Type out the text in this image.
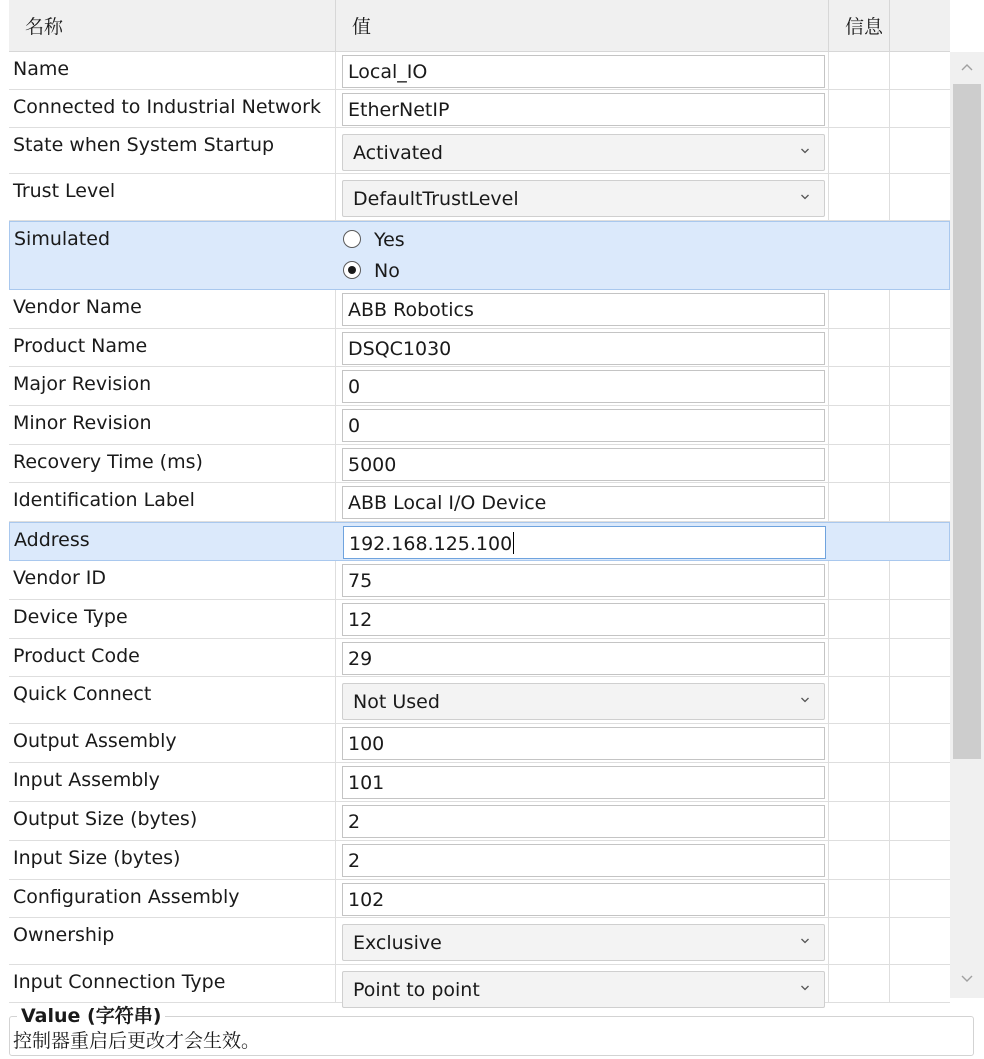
名称	值	信息
Name	Local_IO
Connected to Industrial Network	EtherNetIP
State when System Startup	Activated
Trust Level	DefaultTrustLevel
Simulated	Yes
No
Vendor Name	ABB Robotics
Product Name	DSQC1030
Major Revision	0
Minor Revision	0
Recovery Time (ms)	5000
Identification Label	ABB Local I/O Device
Address	192.168.125.100
Vendor ID	75
Device Type	12
Product Code	29
Quick Connect	Not Used
Output Assembly	100
Input Assembly	101
Output Size (bytes)	2
Input Size (bytes)	2
Configuration Assembly	102
Ownership	Exclusive
Input Connection Type	Point to point
Value (字符串)
控制器重启后更改才会生效。
